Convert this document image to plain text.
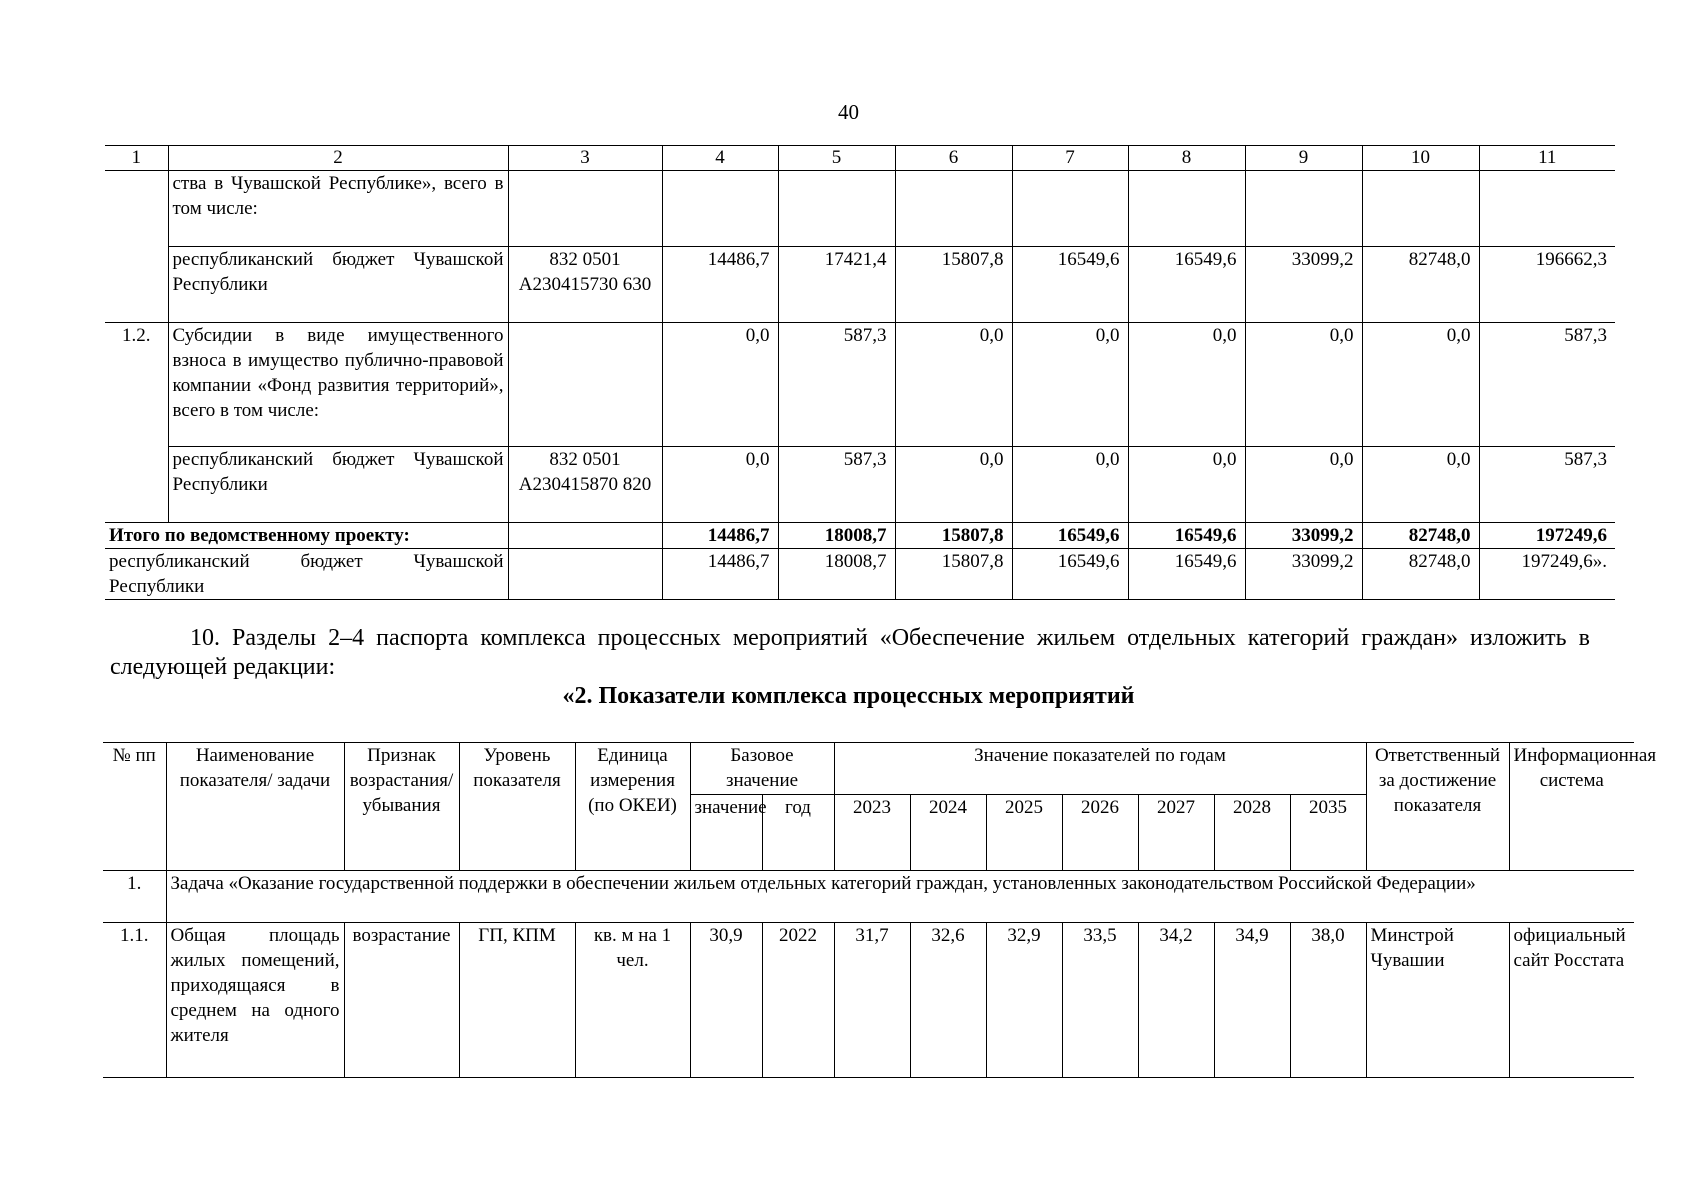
40
1	2	3	4	5	6	7	8	9	10	11
	ства в Чувашской Республике», всего в том числе:									
	республиканский бюджет Чувашской Республики	832 0501 А230415730 630	14486,7	17421,4	15807,8	16549,6	16549,6	33099,2	82748,0	196662,3
1.2.	Субсидии в виде имущественного взноса в имущество публично-правовой компании «Фонд развития территорий», всего в том числе:		0,0	587,3	0,0	0,0	0,0	0,0	0,0	587,3
	республиканский бюджет Чувашской Республики	832 0501 А230415870 820	0,0	587,3	0,0	0,0	0,0	0,0	0,0	587,3
Итого по ведомственному проекту:			14486,7	18008,7	15807,8	16549,6	16549,6	33099,2	82748,0	197249,6
республиканский бюджет Чувашской Республики			14486,7	18008,7	15807,8	16549,6	16549,6	33099,2	82748,0	197249,6».
10. Разделы 2–4 паспорта комплекса процессных мероприятий «Обеспечение жильем отдельных категорий граждан» изложить в следующей редакции:
«2. Показатели комплекса процессных мероприятий
№ пп	Наименование показателя/ задачи	Признак возрастания/ убывания	Уровень показателя	Единица измерения (по ОКЕИ)	Базовое значение		Значение показателей по годам							Ответственный за достижение показателя	Информационная система
					значение	год	2023	2024	2025	2026	2027	2028	2035		
1.	Задача «Оказание государственной поддержки в обеспечении жильем отдельных категорий граждан, установленных законодательством Российской Федерации»														
1.1.	Общая площадь жилых помещений, приходящаяся в среднем на одного жителя	возрастание	ГП, КПМ	кв. м на 1 чел.	30,9	2022	31,7	32,6	32,9	33,5	34,2	34,9	38,0	Минстрой Чувашии	официальный сайт Росстата
